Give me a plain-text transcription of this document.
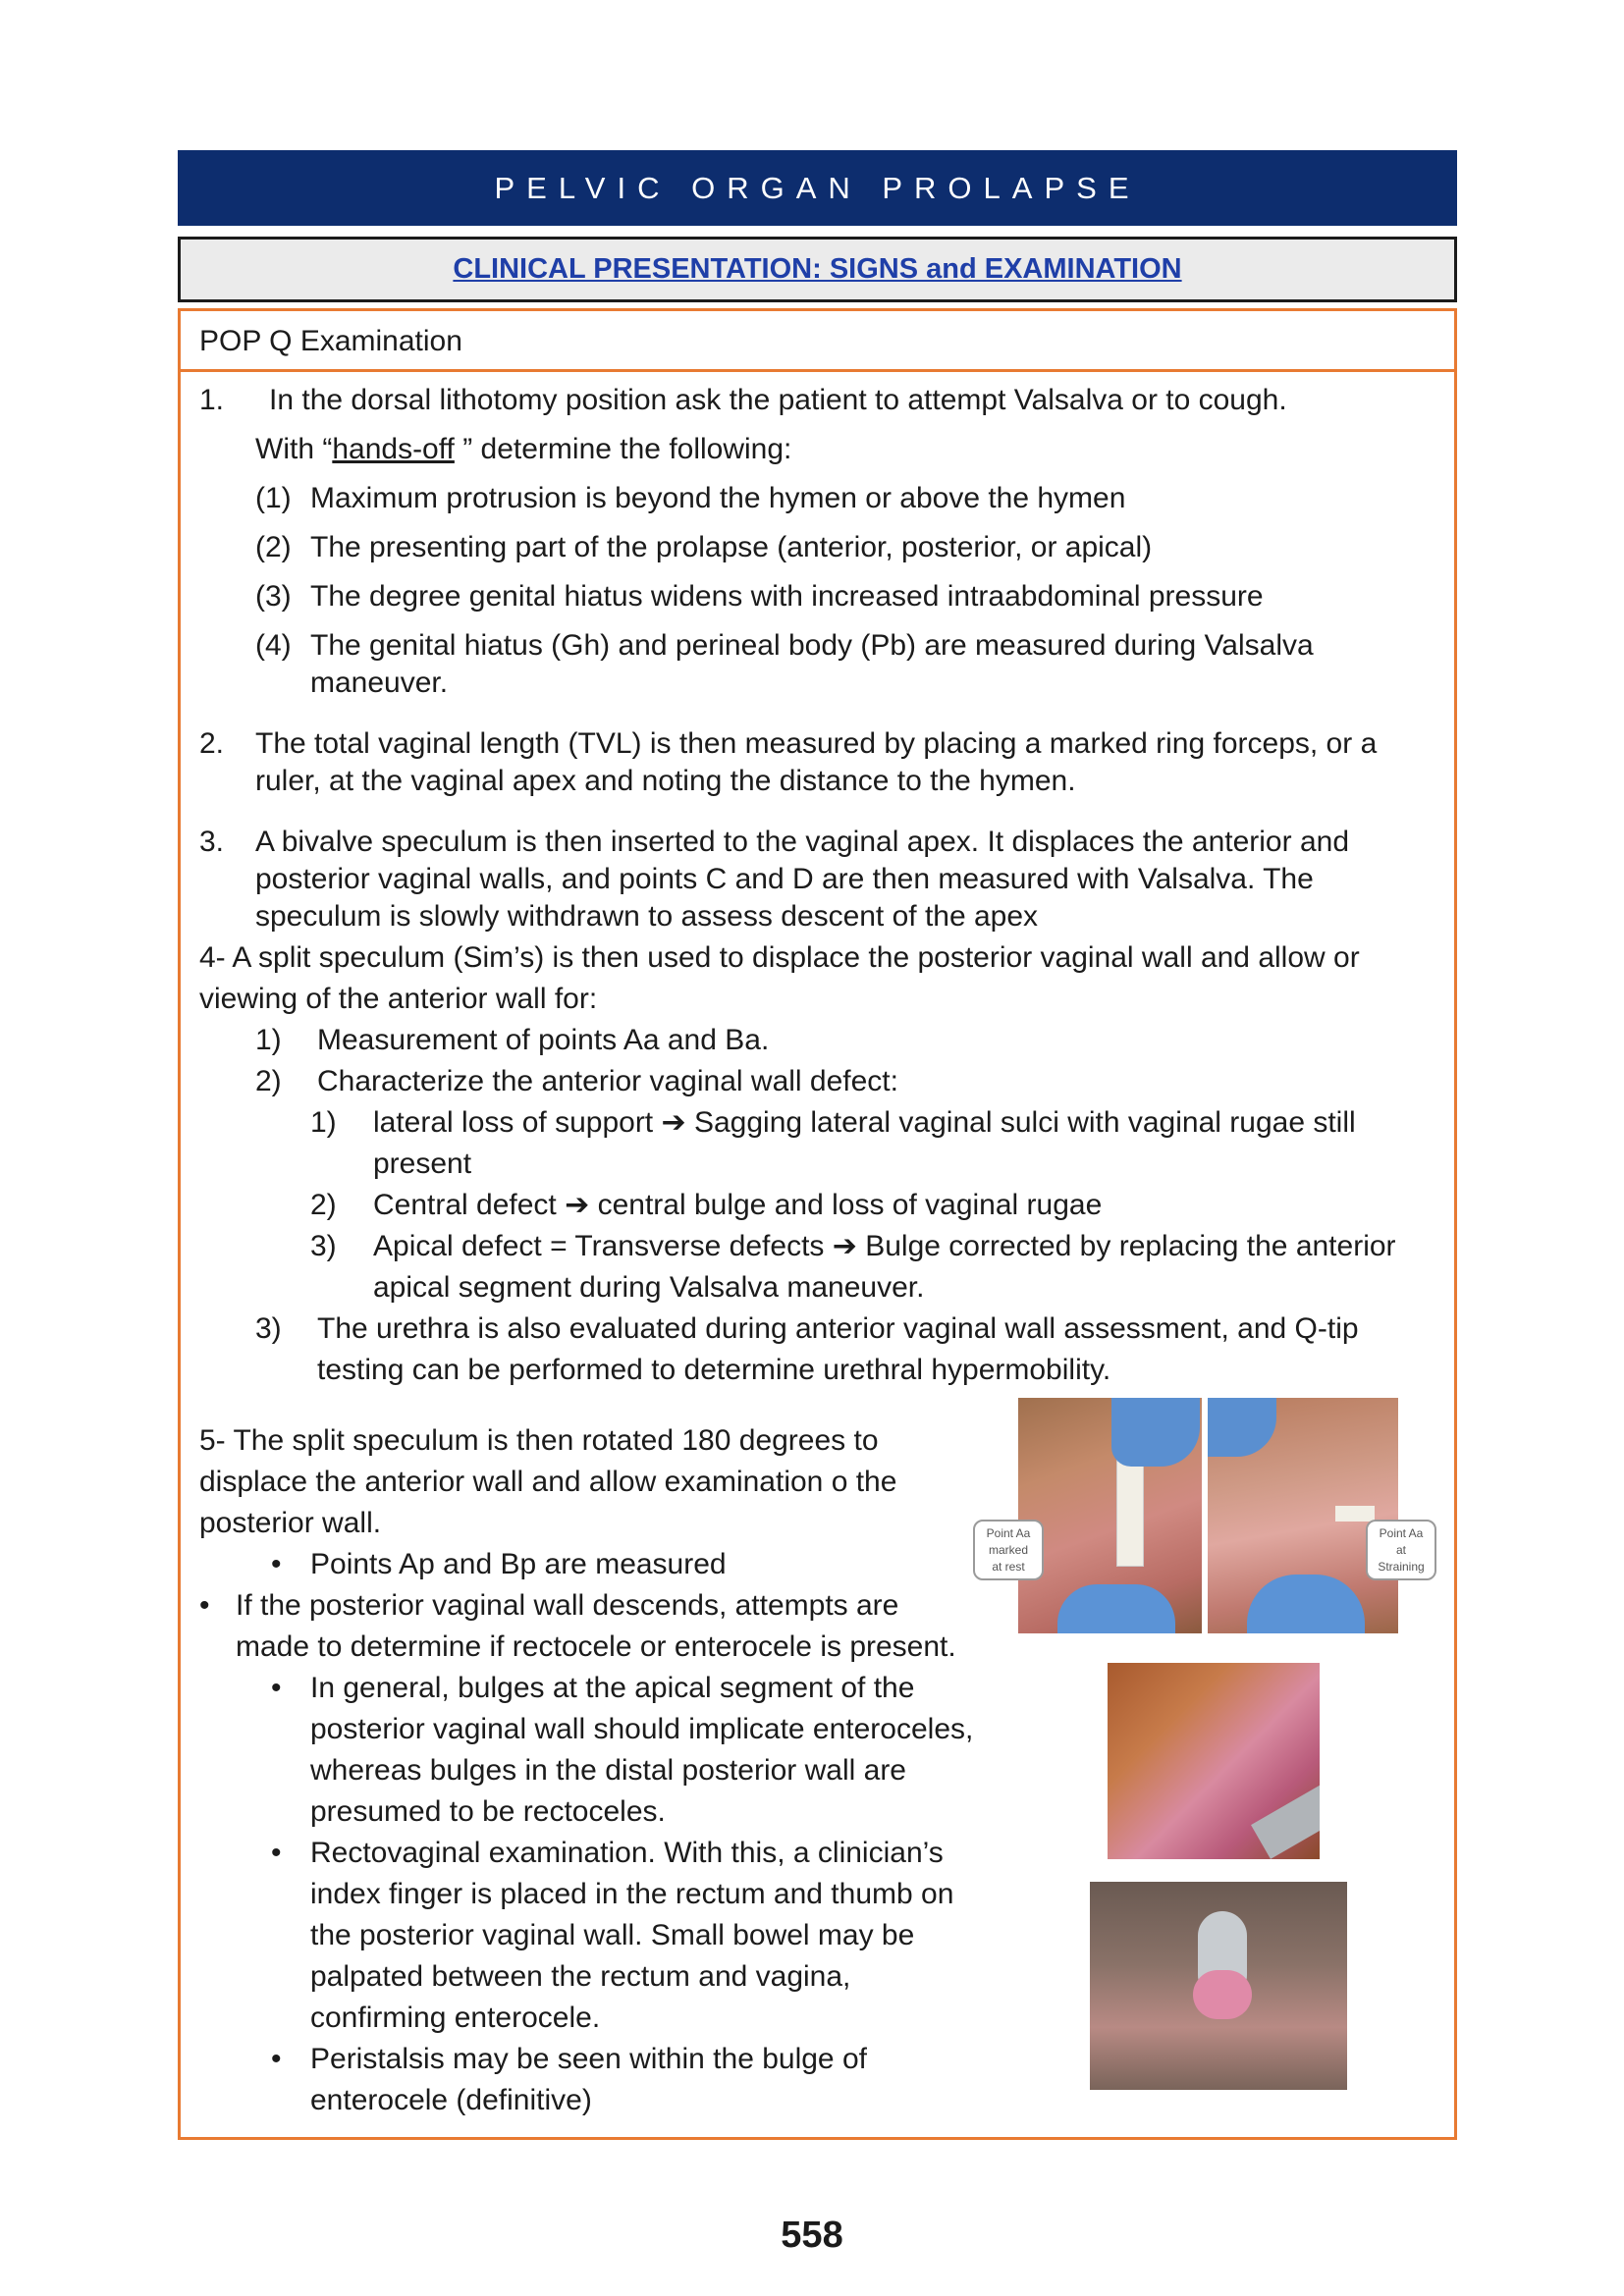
PELVIC ORGAN PROLAPSE
CLINICAL PRESENTATION: SIGNS and EXAMINATION
POP Q Examination
1. In the dorsal lithotomy position ask the patient to attempt Valsalva or to cough.
With “hands-off ” determine the following:
(1) Maximum protrusion is beyond the hymen or above the hymen
(2) The presenting part of the prolapse (anterior, posterior, or apical)
(3) The degree genital hiatus widens with increased intraabdominal pressure
(4) The genital hiatus (Gh) and perineal body (Pb) are measured during Valsalva
maneuver.
2. The total vaginal length (TVL) is then measured by placing a marked ring forceps, or a
ruler, at the vaginal apex and noting the distance to the hymen.
3. A bivalve speculum is then inserted to the vaginal apex. It displaces the anterior and
posterior vaginal walls, and points C and D are then measured with Valsalva. The
speculum is slowly withdrawn to assess descent of the apex
4- A split speculum (Sim’s) is then used to displace the posterior vaginal wall and allow or
viewing of the anterior wall for:
1) Measurement of points Aa and Ba.
2) Characterize the anterior vaginal wall defect:
1) lateral loss of support ➔ Sagging lateral vaginal sulci with vaginal rugae still
present
2) Central defect ➔ central bulge and loss of vaginal rugae
3) Apical defect = Transverse defects ➔ Bulge corrected by replacing the anterior
apical segment during Valsalva maneuver.
3) The urethra is also evaluated during anterior vaginal wall assessment, and Q-tip
testing can be performed to determine urethral hypermobility.
5- The split speculum is then rotated 180 degrees to
displace the anterior wall and allow examination o the
posterior wall.
• Points Ap and Bp are measured
• If the posterior vaginal wall descends, attempts are
made to determine if rectocele or enterocele is present.
• In general, bulges at the apical segment of the
posterior vaginal wall should implicate enteroceles,
whereas bulges in the distal posterior wall are
presumed to be rectoceles.
• Rectovaginal examination. With this, a clinician’s
index finger is placed in the rectum and thumb on
the posterior vaginal wall. Small bowel may be
palpated between the rectum and vagina,
confirming enterocele.
• Peristalsis may be seen within the bulge of
enterocele (definitive)
Point Aa
marked
at rest
Point Aa
at
Straining
558
